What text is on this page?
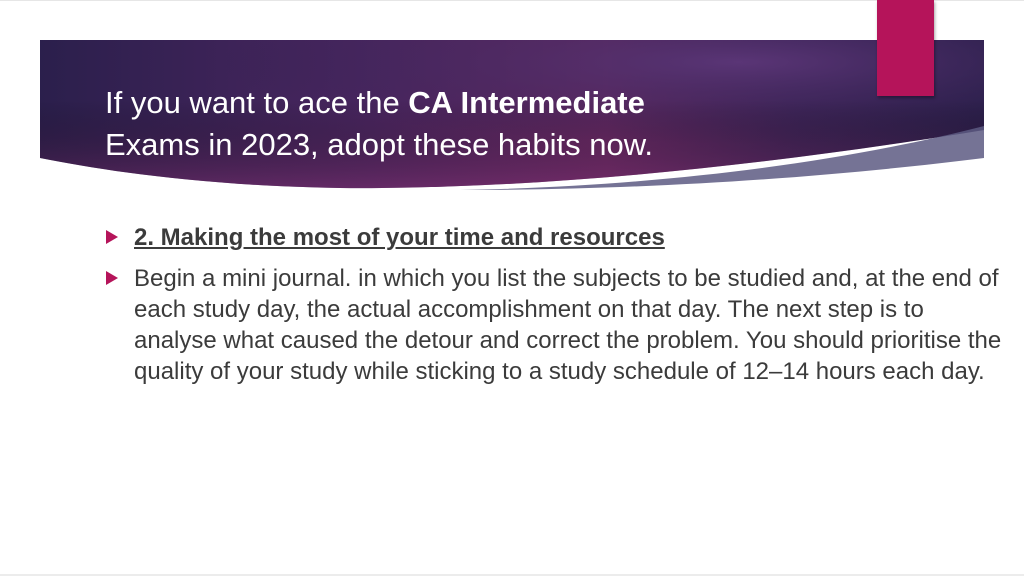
If you want to ace the CA Intermediate
Exams in 2023, adopt these habits now.
2. Making the most of your time and resources
Begin a mini journal. in which you list the subjects to be studied and, at the end of each study day, the actual accomplishment on that day. The next step is to analyse what caused the detour and correct the problem. You should prioritise the quality of your study while sticking to a study schedule of 12–14 hours each day.
